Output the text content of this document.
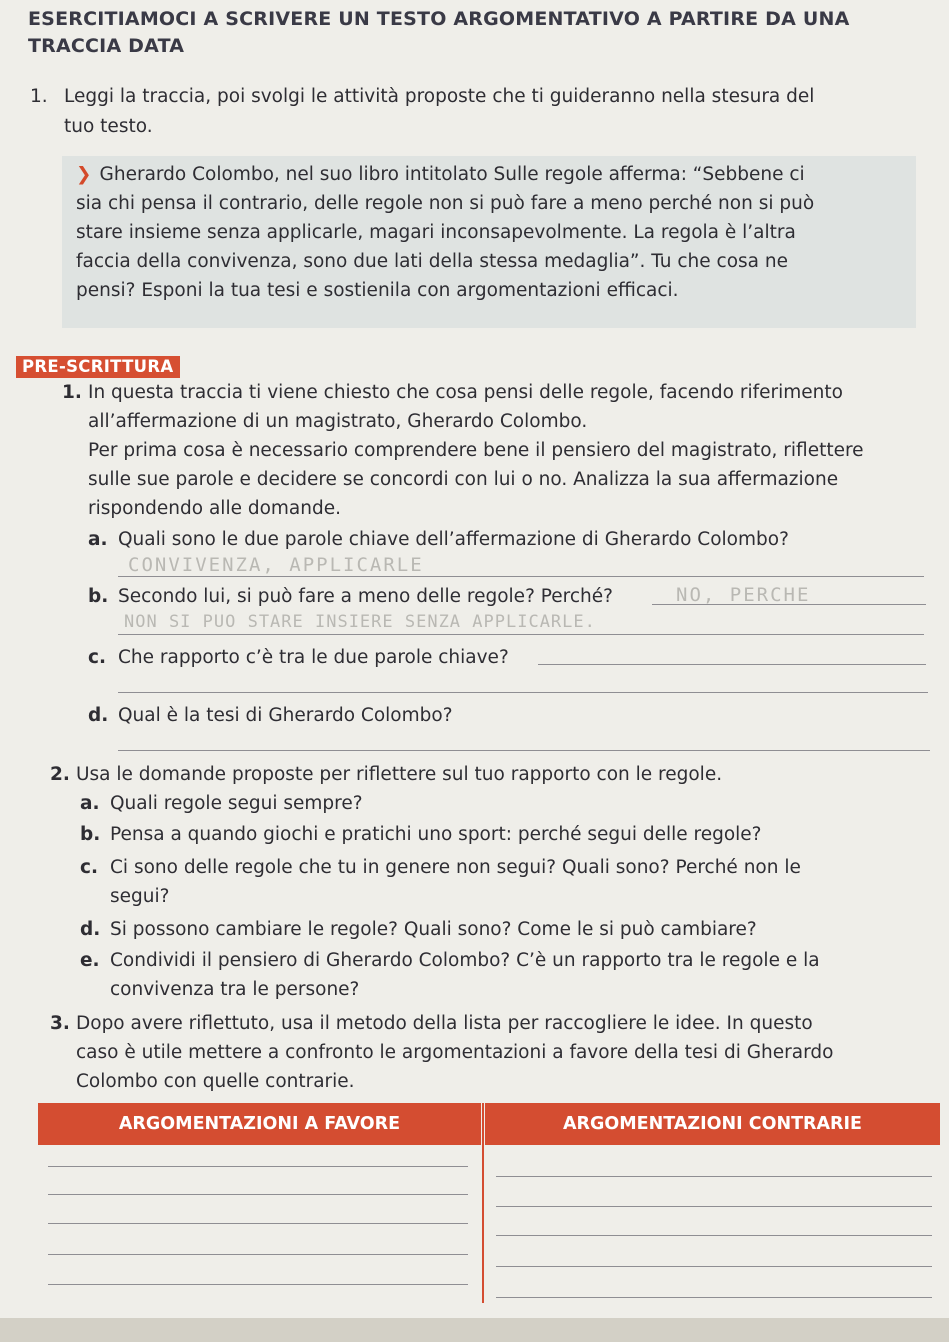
ESERCITIAMOCI A SCRIVERE UN TESTO ARGOMENTATIVO A PARTIRE DA UNA
TRACCIA DATA
1. Leggi la traccia, poi svolgi le attività proposte che ti guideranno nella stesura del
tuo testo.
❯ Gherardo Colombo, nel suo libro intitolato Sulle regole afferma: “Sebbene ci
sia chi pensa il contrario, delle regole non si può fare a meno perché non si può
stare insieme senza applicarle, magari inconsapevolmente. La regola è l’altra
faccia della convivenza, sono due lati della stessa medaglia”. Tu che cosa ne
pensi? Esponi la tua tesi e sostienila con argomentazioni efficaci.
PRE-SCRITTURA
1. In questa traccia ti viene chiesto che cosa pensi delle regole, facendo riferimento
all’affermazione di un magistrato, Gherardo Colombo.
Per prima cosa è necessario comprendere bene il pensiero del magistrato, riflettere
sulle sue parole e decidere se concordi con lui o no. Analizza la sua affermazione
rispondendo alle domande.
a. Quali sono le due parole chiave dell’affermazione di Gherardo Colombo?
CONVIVENZA, APPLICARLE
b. Secondo lui, si può fare a meno delle regole? Perché?	NO, PERCHE
NON SI PUO STARE INSIERE SENZA APPLICARLE.
c. Che rapporto c’è tra le due parole chiave?
d. Qual è la tesi di Gherardo Colombo?
2. Usa le domande proposte per riflettere sul tuo rapporto con le regole.
a. Quali regole segui sempre?
b. Pensa a quando giochi e pratichi uno sport: perché segui delle regole?
c. Ci sono delle regole che tu in genere non segui? Quali sono? Perché non le
segui?
d. Si possono cambiare le regole? Quali sono? Come le si può cambiare?
e. Condividi il pensiero di Gherardo Colombo? C’è un rapporto tra le regole e la
convivenza tra le persone?
3. Dopo avere riflettuto, usa il metodo della lista per raccogliere le idee. In questo
caso è utile mettere a confronto le argomentazioni a favore della tesi di Gherardo
Colombo con quelle contrarie.
ARGOMENTAZIONI A FAVORE	ARGOMENTAZIONI CONTRARIE
